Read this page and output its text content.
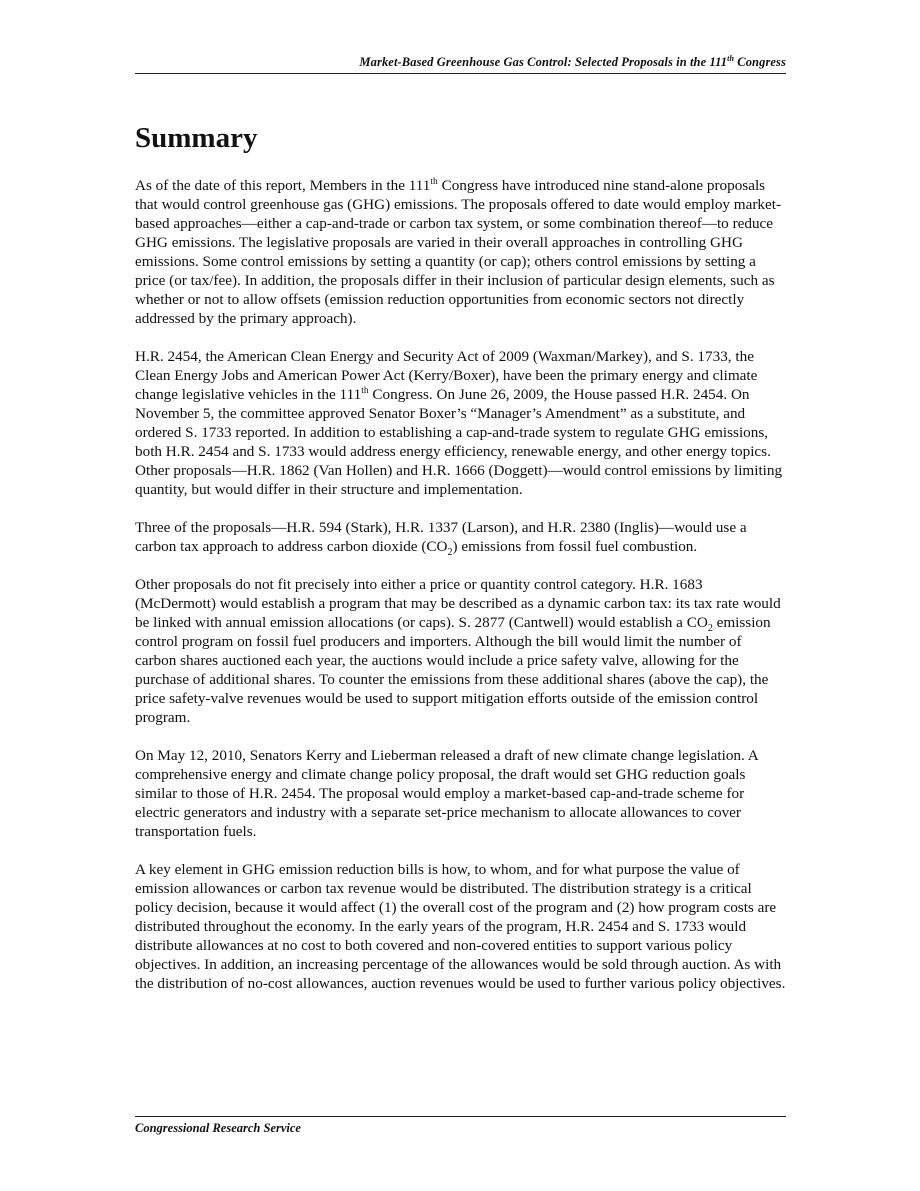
Market-Based Greenhouse Gas Control: Selected Proposals in the 111th Congress
Summary

As of the date of this report, Members in the 111th Congress have introduced nine stand-alone proposals that would control greenhouse gas (GHG) emissions. The proposals offered to date would employ market-based approaches—either a cap-and-trade or carbon tax system, or some combination thereof—to reduce GHG emissions. The legislative proposals are varied in their overall approaches in controlling GHG emissions. Some control emissions by setting a quantity (or cap); others control emissions by setting a price (or tax/fee). In addition, the proposals differ in their inclusion of particular design elements, such as whether or not to allow offsets (emission reduction opportunities from economic sectors not directly addressed by the primary approach).

H.R. 2454, the American Clean Energy and Security Act of 2009 (Waxman/Markey), and S. 1733, the Clean Energy Jobs and American Power Act (Kerry/Boxer), have been the primary energy and climate change legislative vehicles in the 111th Congress. On June 26, 2009, the House passed H.R. 2454. On November 5, the committee approved Senator Boxer’s “Manager’s Amendment” as a substitute, and ordered S. 1733 reported. In addition to establishing a cap-and-trade system to regulate GHG emissions, both H.R. 2454 and S. 1733 would address energy efficiency, renewable energy, and other energy topics. Other proposals—H.R. 1862 (Van Hollen) and H.R. 1666 (Doggett)—would control emissions by limiting quantity, but would differ in their structure and implementation.

Three of the proposals—H.R. 594 (Stark), H.R. 1337 (Larson), and H.R. 2380 (Inglis)—would use a carbon tax approach to address carbon dioxide $(CO_2)$ emissions from fossil fuel combustion.

Other proposals do not fit precisely into either a price or quantity control category. H.R. 1683 (McDermott) would establish a program that may be described as a dynamic carbon tax: its tax rate would be linked with annual emission allocations (or caps). S. 2877 (Cantwell) would establish a $CO_2$ emission control program on fossil fuel producers and importers. Although the bill would limit the number of carbon shares auctioned each year, the auctions would include a price safety valve, allowing for the purchase of additional shares. To counter the emissions from these additional shares (above the cap), the price safety-valve revenues would be used to support mitigation efforts outside of the emission control program.

On May 12, 2010, Senators Kerry and Lieberman released a draft of new climate change legislation. A comprehensive energy and climate change policy proposal, the draft would set GHG reduction goals similar to those of H.R. 2454. The proposal would employ a market-based cap-and-trade scheme for electric generators and industry with a separate set-price mechanism to allocate allowances to cover transportation fuels.

A key element in GHG emission reduction bills is how, to whom, and for what purpose the value of emission allowances or carbon tax revenue would be distributed. The distribution strategy is a critical policy decision, because it would affect (1) the overall cost of the program and (2) how program costs are distributed throughout the economy. In the early years of the program, H.R. 2454 and S. 1733 would distribute allowances at no cost to both covered and non-covered entities to support various policy objectives. In addition, an increasing percentage of the allowances would be sold through auction. As with the distribution of no-cost allowances, auction revenues would be used to further various policy objectives.

Congressional Research Service
